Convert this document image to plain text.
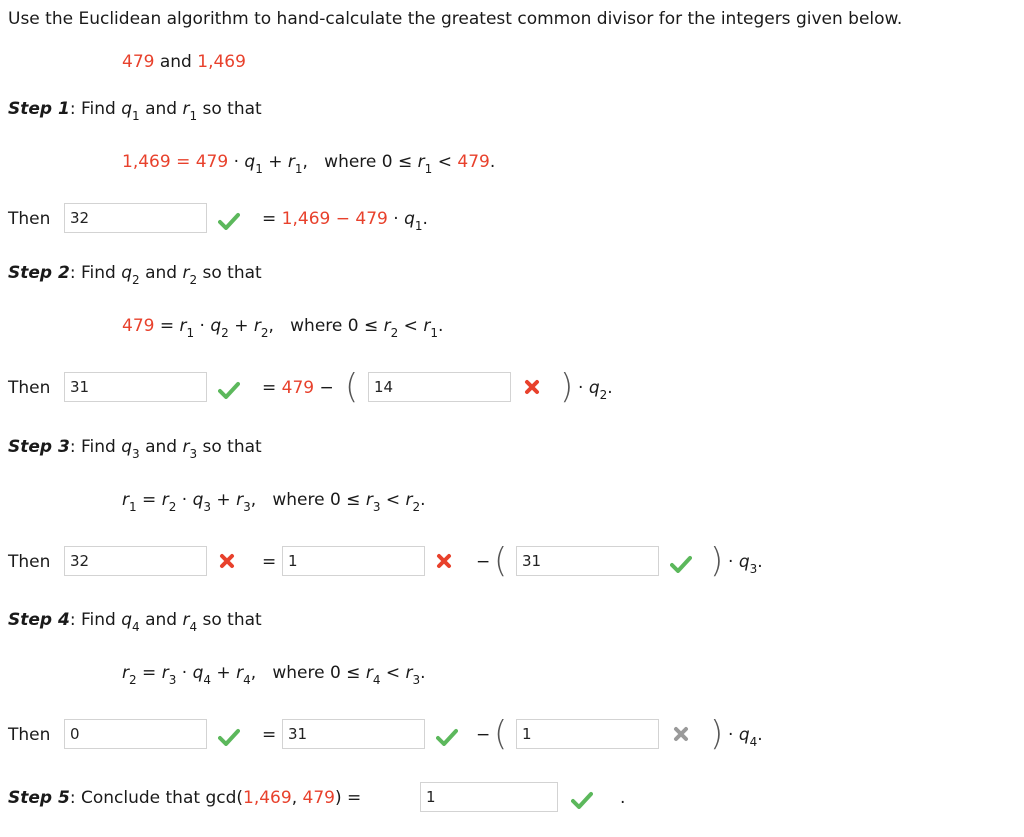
Use the Euclidean algorithm to hand-calculate the greatest common divisor for the integers given below.
479 and 1,469
Step 1: Find $q_1$ and $r_1$ so that
$1,469 = 479 \cdot q_1 + r_1$,   where $0 \le r_1 < 479$.
Then	32	= $1,469 - 479 \cdot q_1$.
Step 2: Find $q_2$ and $r_2$ so that
$479 = r_1 \cdot q_2 + r_2$,   where $0 \le r_2 < r_1$.
Then	31	= 479 − (	14	) · $q_2$.
Step 3: Find $q_3$ and $r_3$ so that
$r_1 = r_2 \cdot q_3 + r_3$,   where $0 \le r_3 < r_2$.
Then	32	= 1	− ( 31	) · $q_3$.
Step 4: Find $q_4$ and $r_4$ so that
$r_2 = r_3 \cdot q_4 + r_4$,   where $0 \le r_4 < r_3$.
Then	0	= 31	− ( 1	) · $q_4$.
Step 5: Conclude that gcd(1,469, 479) =	1	.
